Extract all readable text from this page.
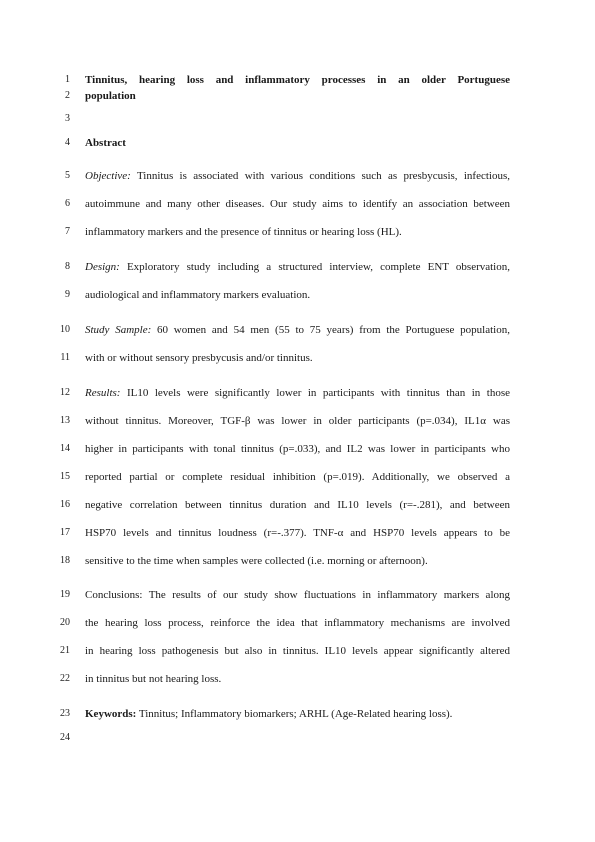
1 Tinnitus, hearing loss and inflammatory processes in an older Portuguese
2 population
3
4 Abstract
5 Objective: Tinnitus is associated with various conditions such as presbycusis, infectious,
6 autoimmune and many other diseases. Our study aims to identify an association between
7 inflammatory markers and the presence of tinnitus or hearing loss (HL).
8 Design: Exploratory study including a structured interview, complete ENT observation,
9 audiological and inflammatory markers evaluation.
10 Study Sample: 60 women and 54 men (55 to 75 years) from the Portuguese population,
11 with or without sensory presbycusis and/or tinnitus.
12 Results: IL10 levels were significantly lower in participants with tinnitus than in those
13 without tinnitus. Moreover, TGF-β was lower in older participants (p=.034), IL1α was
14 higher in participants with tonal tinnitus (p=.033), and IL2 was lower in participants who
15 reported partial or complete residual inhibition (p=.019). Additionally, we observed a
16 negative correlation between tinnitus duration and IL10 levels (r=-.281), and between
17 HSP70 levels and tinnitus loudness (r=-.377). TNF-α and HSP70 levels appears to be
18 sensitive to the time when samples were collected (i.e. morning or afternoon).
19 Conclusions: The results of our study show fluctuations in inflammatory markers along
20 the hearing loss process, reinforce the idea that inflammatory mechanisms are involved
21 in hearing loss pathogenesis but also in tinnitus. IL10 levels appear significantly altered
22 in tinnitus but not hearing loss.
23 Keywords: Tinnitus; Inflammatory biomarkers; ARHL (Age-Related hearing loss).
24
